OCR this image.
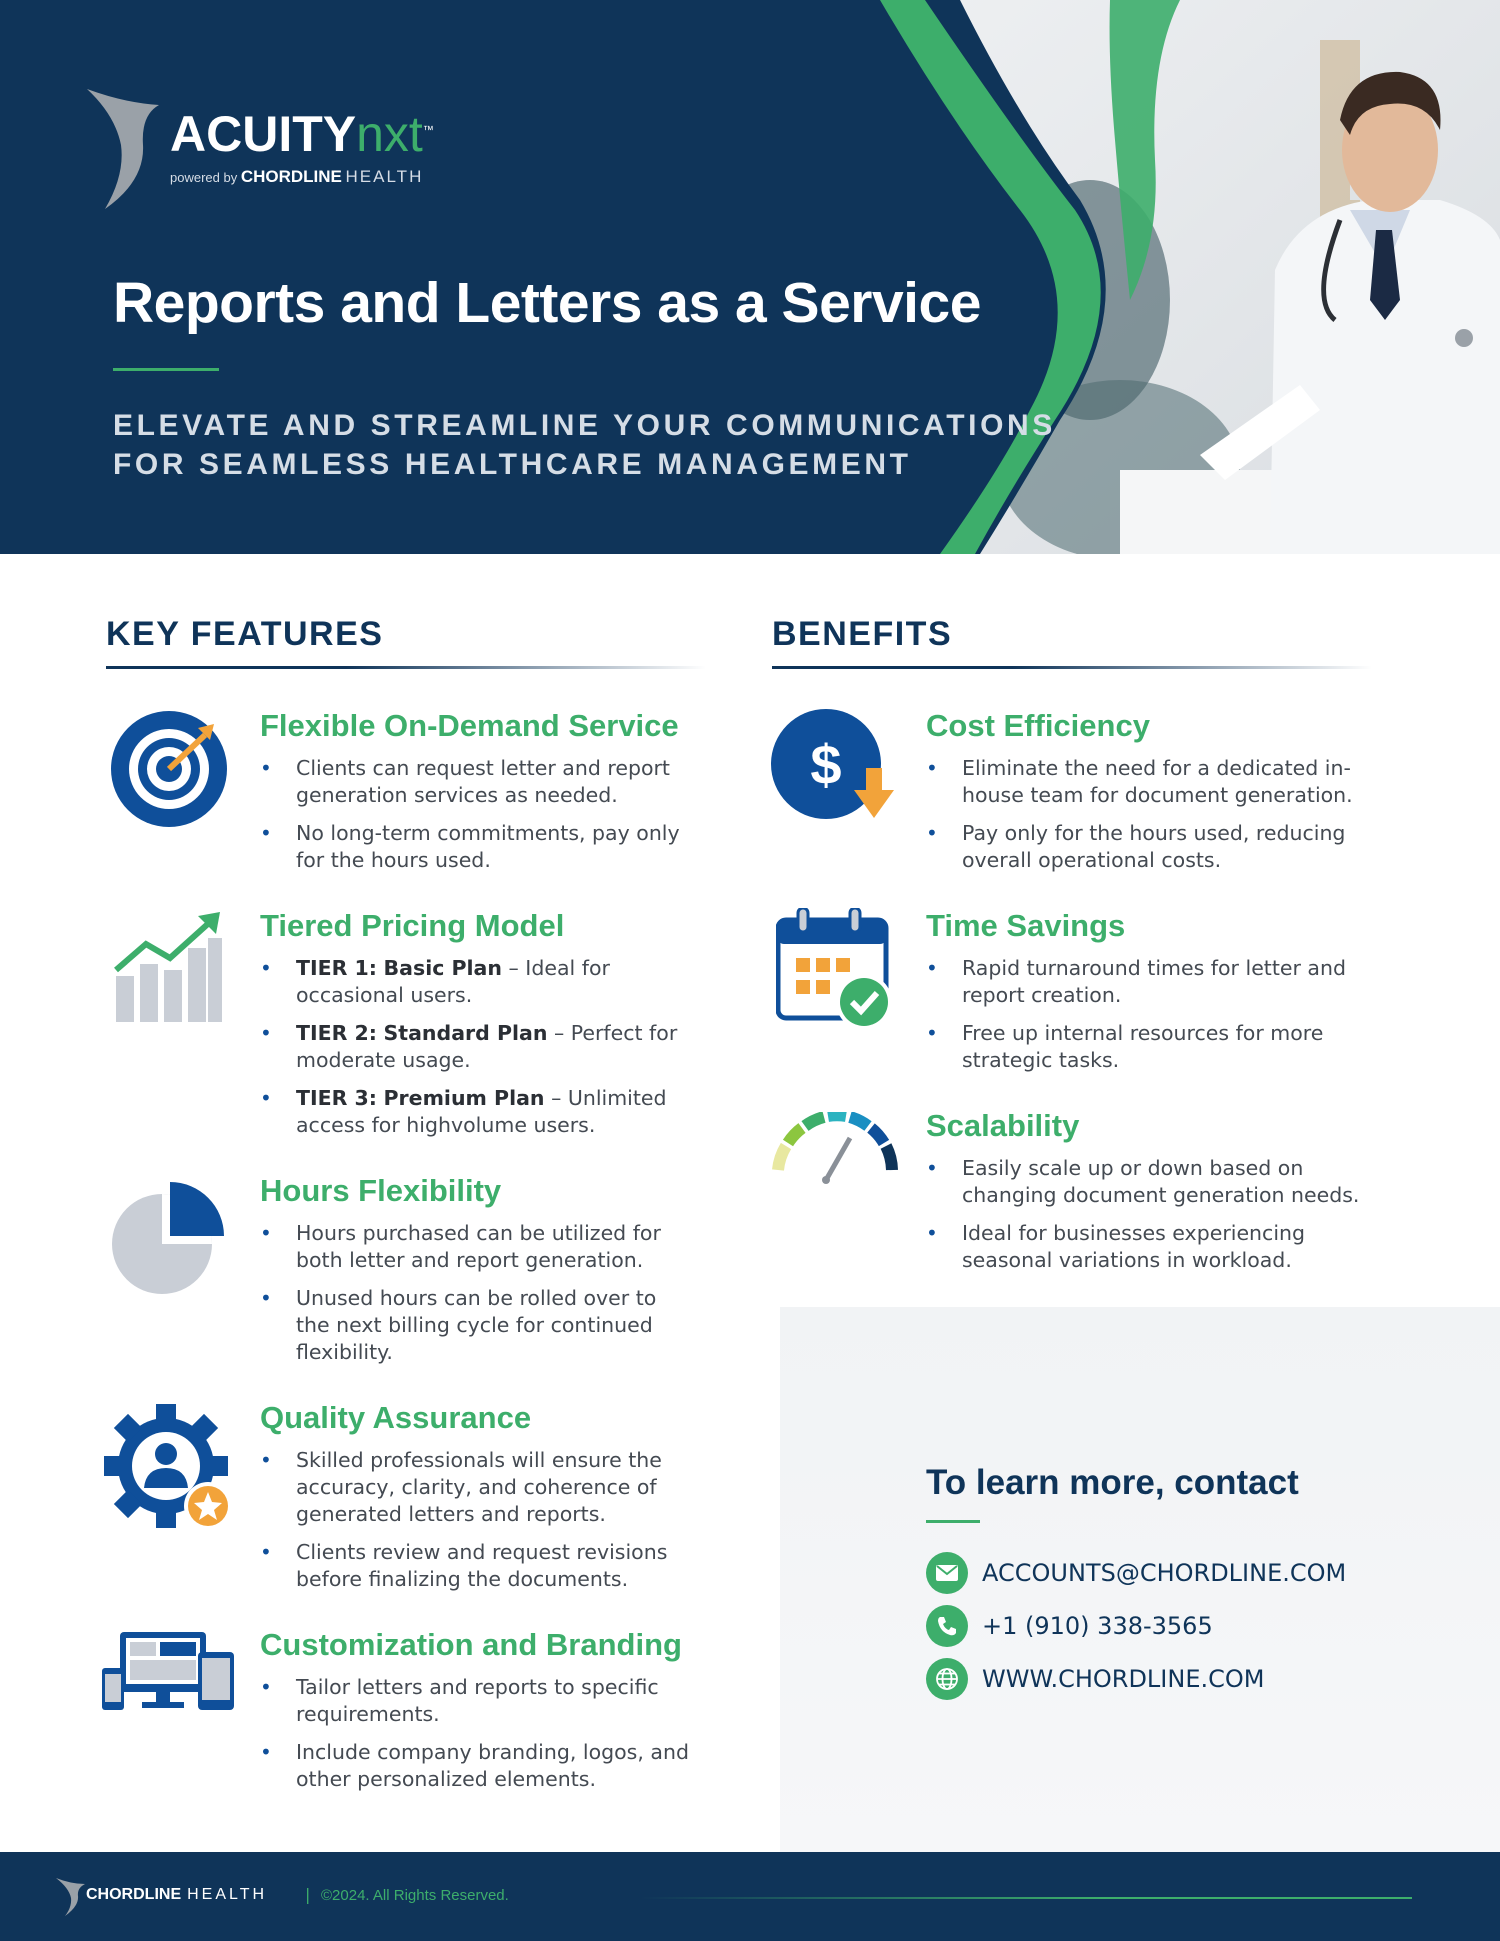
ACUITYnxt™
powered by CHORDLINE HEALTH
Reports and Letters as a Service
ELEVATE AND STREAMLINE YOUR COMMUNICATIONS
FOR SEAMLESS HEALTHCARE MANAGEMENT
KEY FEATURES
Flexible On-Demand Service
• Clients can request letter and report generation services as needed.
• No long-term commitments, pay only for the hours used.
Tiered Pricing Model
• TIER 1: Basic Plan – Ideal for occasional users.
• TIER 2: Standard Plan – Perfect for moderate usage.
• TIER 3: Premium Plan – Unlimited access for highvolume users.
Hours Flexibility
• Hours purchased can be utilized for both letter and report generation.
• Unused hours can be rolled over to the next billing cycle for continued flexibility.
Quality Assurance
• Skilled professionals will ensure the accuracy, clarity, and coherence of generated letters and reports.
• Clients review and request revisions before finalizing the documents.
Customization and Branding
• Tailor letters and reports to specific requirements.
• Include company branding, logos, and other personalized elements.
BENEFITS
$
Cost Efficiency
• Eliminate the need for a dedicated in-house team for document generation.
• Pay only for the hours used, reducing overall operational costs.
Time Savings
• Rapid turnaround times for letter and report creation.
• Free up internal resources for more strategic tasks.
Scalability
• Easily scale up or down based on changing document generation needs.
• Ideal for businesses experiencing seasonal variations in workload.
To learn more, contact
ACCOUNTS@CHORDLINE.COM
+1 (910) 338-3565
WWW.CHORDLINE.COM
CHORDLINE HEALTH | ©2024. All Rights Reserved.
